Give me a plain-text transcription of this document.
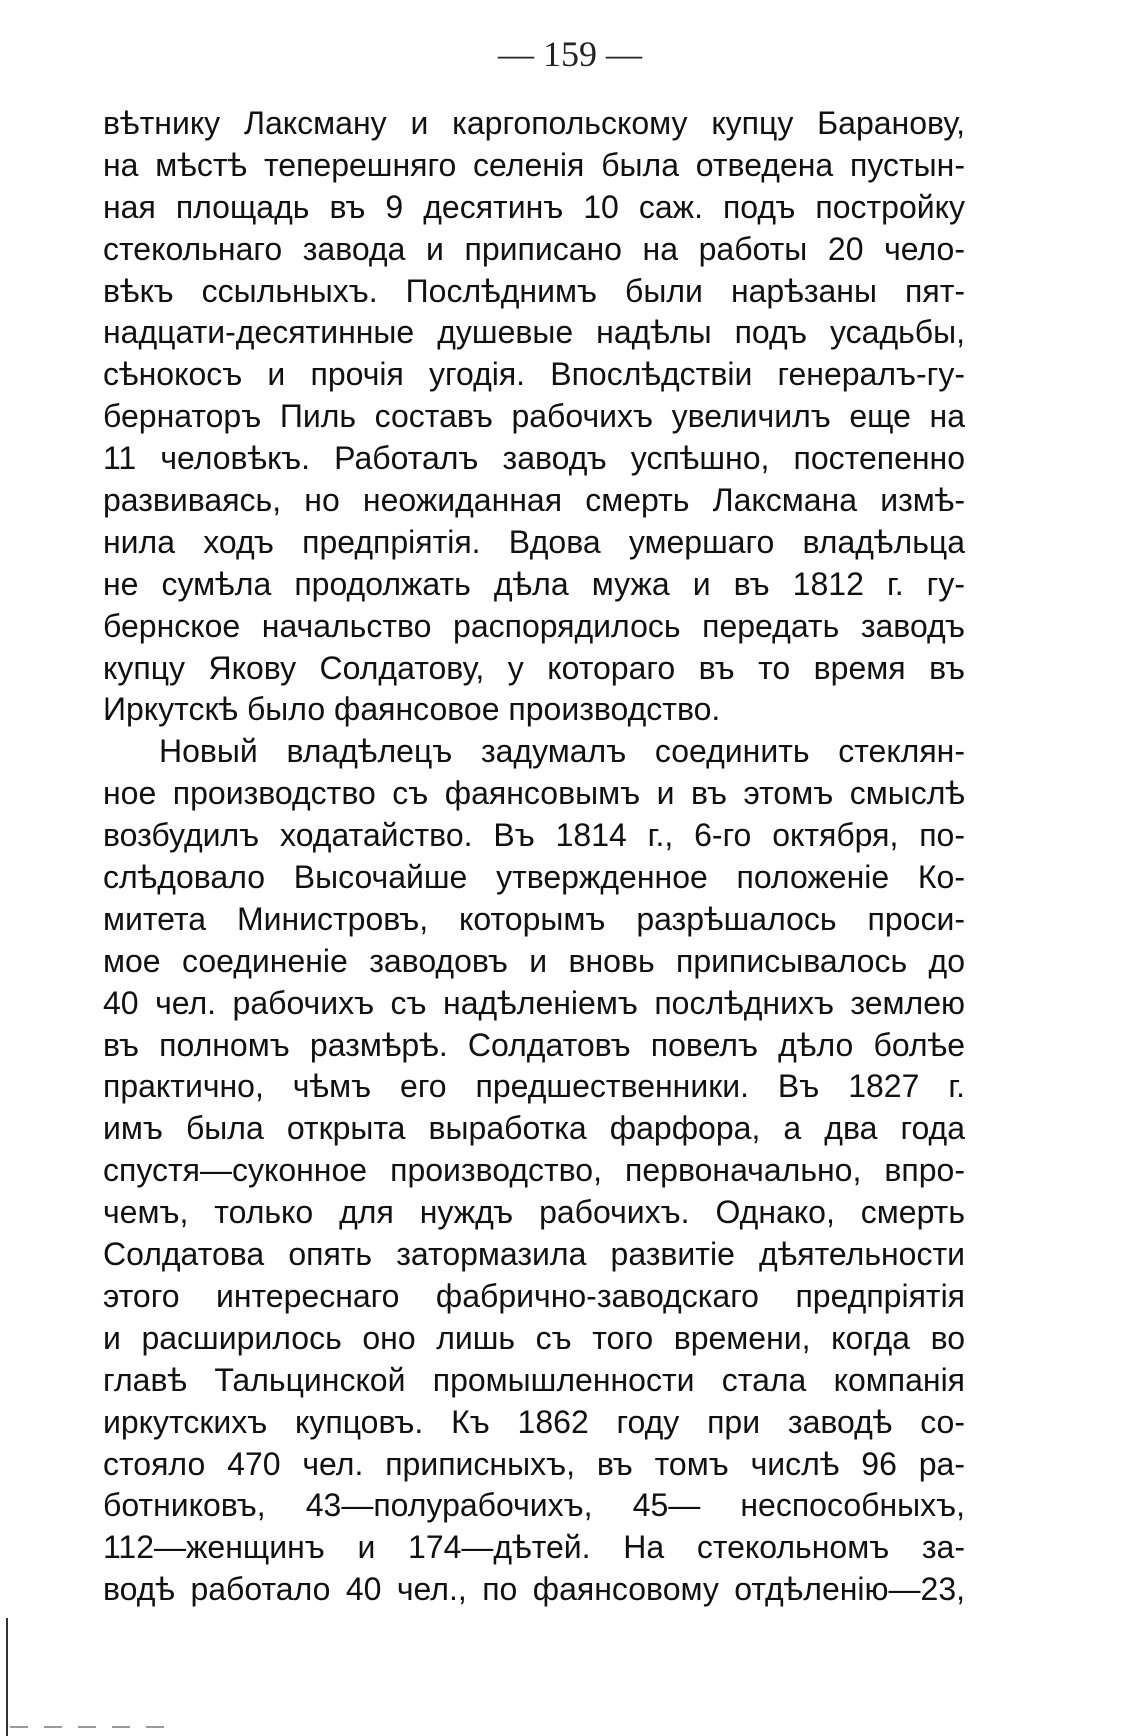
— 159 —
вѣтнику Лаксману и каргопольскому купцу Баранову,
на мѣстѣ теперешняго селенія была отведена пустын-
ная площадь въ 9 десятинъ 10 саж. подъ постройку
стекольнаго завода и приписано на работы 20 чело-
вѣкъ ссыльныхъ. Послѣднимъ были нарѣзаны пят-
надцати-десятинные душевые надѣлы подъ усадьбы,
сѣнокосъ и прочія угодія. Впослѣдствіи генералъ-гу-
бернаторъ Пиль составъ рабочихъ увеличилъ еще на
11 человѣкъ. Работалъ заводъ успѣшно, постепенно
развиваясь, но неожиданная смерть Лаксмана измѣ-
нила ходъ предпріятія. Вдова умершаго владѣльца
не сумѣла продолжать дѣла мужа и въ 1812 г. гу-
бернское начальство распорядилось передать заводъ
купцу Якову Солдатову, у котораго въ то время въ
Иркутскѣ было фаянсовое производство.
Новый владѣлецъ задумалъ соединить стеклян-
ное производство съ фаянсовымъ и въ этомъ смыслѣ
возбудилъ ходатайство. Въ 1814 г., 6-го октября, по-
слѣдовало Высочайше утвержденное положеніе Ко-
митета Министровъ, которымъ разрѣшалось проси-
мое соединеніе заводовъ и вновь приписывалось до
40 чел. рабочихъ съ надѣленіемъ послѣднихъ землею
въ полномъ размѣрѣ. Солдатовъ повелъ дѣло болѣе
практично, чѣмъ его предшественники. Въ 1827 г.
имъ была открыта выработка фарфора, а два года
спустя—суконное производство, первоначально, впро-
чемъ, только для нуждъ рабочихъ. Однако, смерть
Солдатова опять затормазила развитіе дѣятельности
этого интереснаго фабрично-заводскаго предпріятія
и расширилось оно лишь съ того времени, когда во
главѣ Тальцинской промышленности стала компанія
иркутскихъ купцовъ. Къ 1862 году при заводѣ со-
стояло 470 чел. приписныхъ, въ томъ числѣ 96 ра-
ботниковъ, 43—полурабочихъ, 45— неспособныхъ,
112—женщинъ и 174—дѣтей. На стекольномъ за-
водѣ работало 40 чел., по фаянсовому отдѣленію—23,
